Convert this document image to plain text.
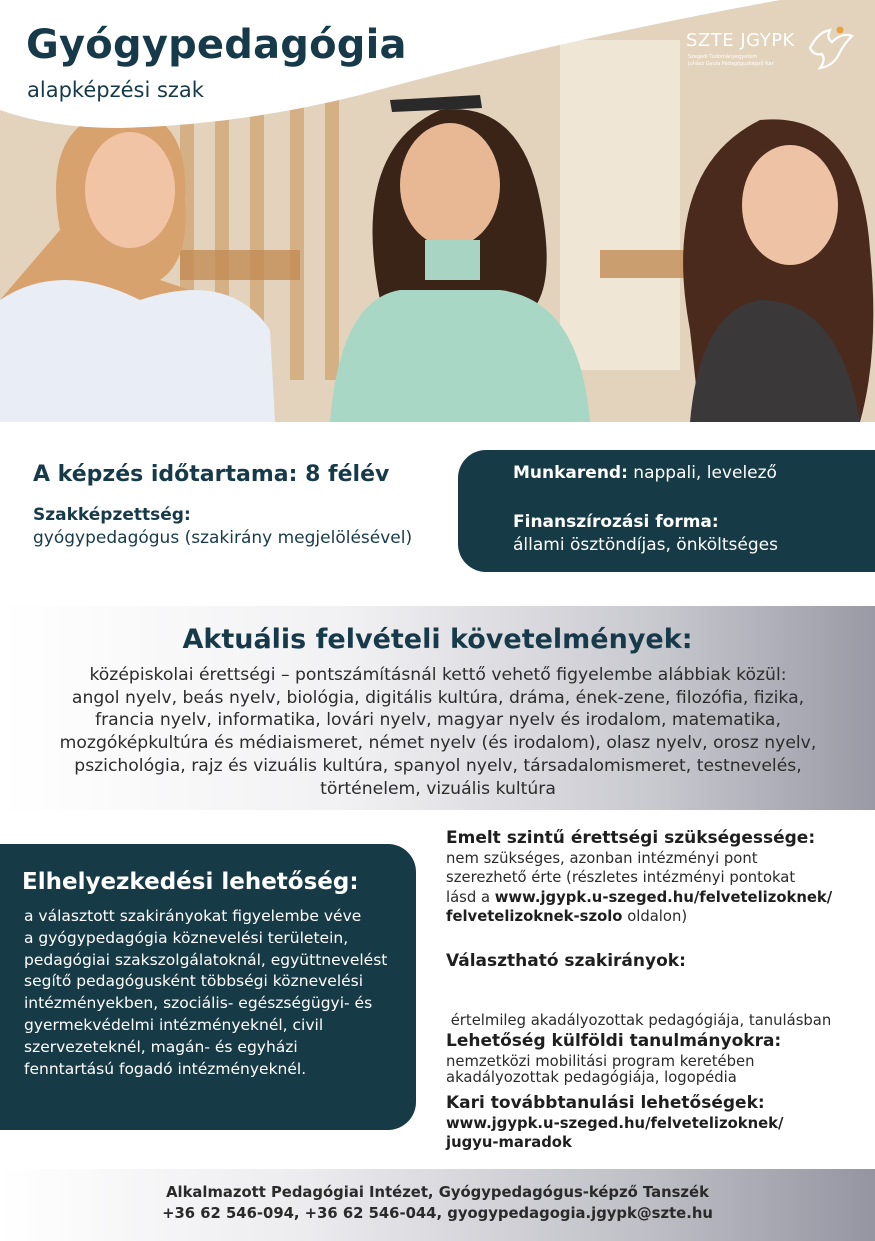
Gyógypedagógia
alapképzési szak
SZTE JGYPK
Szegedi Tudományegyetem
Juhász Gyula Pedagógusképző Kar
A képzés időtartama: 8 félév
Szakképzettség:
gyógypedagógus (szakirány megjelölésével)
Munkarend: nappali, levelező
Finanszírozási forma:
állami ösztöndíjas, önköltséges
Aktuális felvételi követelmények:
középiskolai érettségi – pontszámításnál kettő vehető figyelembe alábbiak közül:
angol nyelv, beás nyelv, biológia, digitális kultúra, dráma, ének-zene, filozófia, fizika,
francia nyelv, informatika, lovári nyelv, magyar nyelv és irodalom, matematika,
mozgóképkultúra és médiaismeret, német nyelv (és irodalom), olasz nyelv, orosz nyelv,
pszichológia, rajz és vizuális kultúra, spanyol nyelv, társadalomismeret, testnevelés,
történelem, vizuális kultúra
Elhelyezkedési lehetőség:
a választott szakirányokat figyelembe véve
a gyógypedagógia köznevelési területein,
pedagógiai szakszolgálatoknál, együttnevelést
segítő pedagógusként többségi köznevelési
intézményekben, szociális- egészségügyi- és
gyermekvédelmi intézményeknél, civil
szervezeteknél, magán- és egyházi
fenntartású fogadó intézményeknél.
Emelt szintű érettségi szükségessége:
nem szükséges, azonban intézményi pont
szerezhető érte (részletes intézményi pontokat
lásd a www.jgypk.u-szeged.hu/felvetelizoknek/
felvetelizoknek-szolo oldalon)
Választható szakirányok:

értelmileg akadályozottak pedagógiája, tanulásban

akadályozottak pedagógiája, logopédia

Lehetőség külföldi tanulmányokra:
nemzetközi mobilitási program keretében
Kari továbbtanulási lehetőségek:
www.jgypk.u-szeged.hu/felvetelizoknek/
jugyu-maradok
Alkalmazott Pedagógiai Intézet, Gyógypedagógus-képző Tanszék
+36 62 546-094, +36 62 546-044, gyogypedagogia.jgypk@szte.hu
